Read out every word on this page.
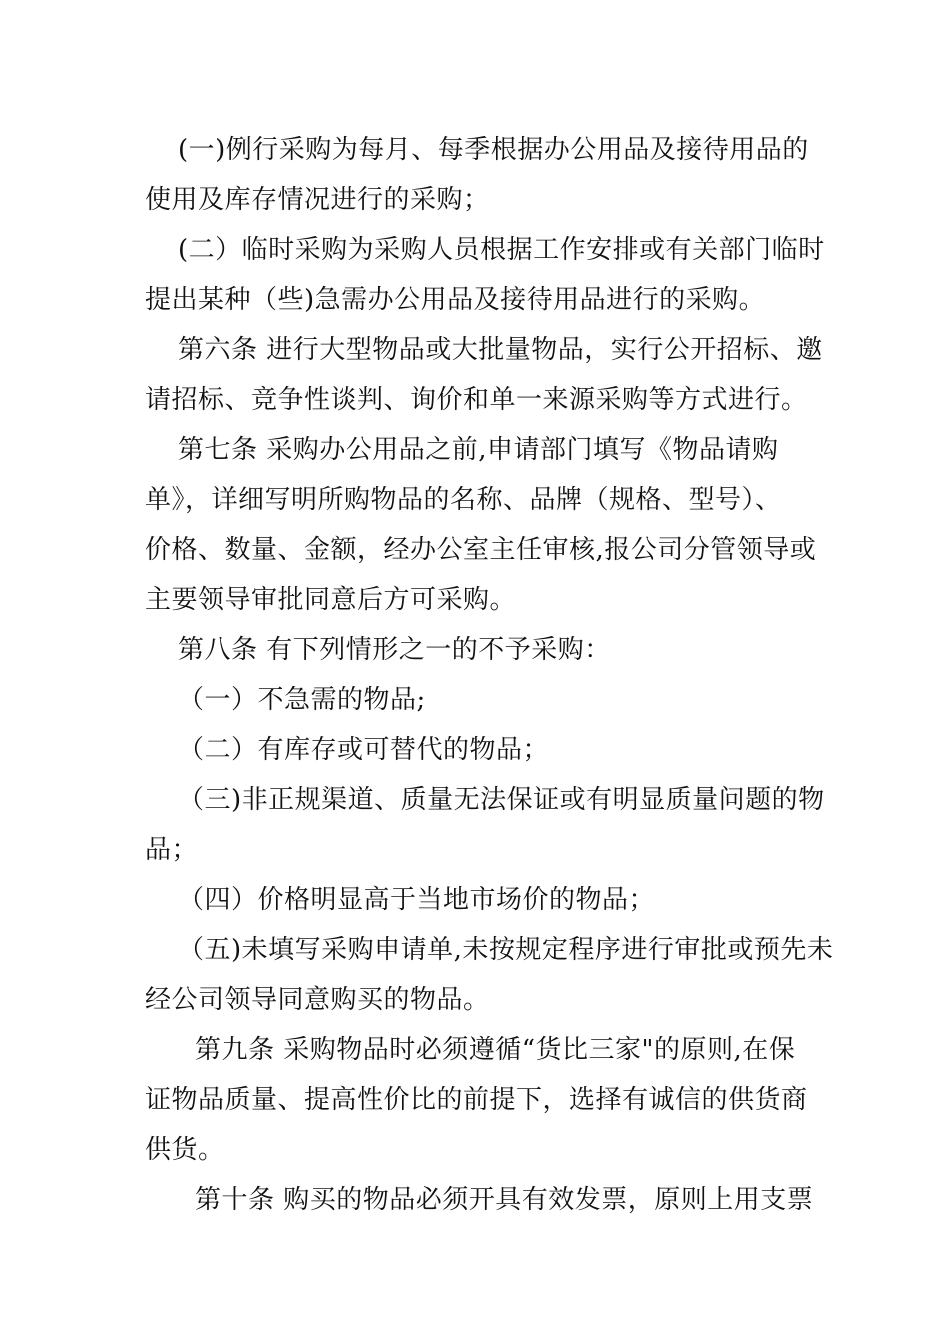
(一)例行采购为每月、每季根据办公用品及接待用品的
使用及库存情况进行的采购；
(二）临时采购为采购人员根据工作安排或有关部门临时
提出某种（些)急需办公用品及接待用品进行的采购。
第六条 进行大型物品或大批量物品，实行公开招标、邀
请招标、竞争性谈判、询价和单一来源采购等方式进行。
第七条 采购办公用品之前,申请部门填写《物品请购
单》，详细写明所购物品的名称、品牌（规格、型号）、
价格、数量、金额，经办公室主任审核,报公司分管领导或
主要领导审批同意后方可采购。
第八条 有下列情形之一的不予采购：
（一）不急需的物品;
（二）有库存或可替代的物品；
（三)非正规渠道、质量无法保证或有明显质量问题的物
品；
（四）价格明显高于当地市场价的物品；
（五)未填写采购申请单,未按规定程序进行审批或预先未
经公司领导同意购买的物品。
第九条 采购物品时必须遵循“货比三家"的原则,在保
证物品质量、提高性价比的前提下，选择有诚信的供货商
供货。
第十条 购买的物品必须开具有效发票，原则上用支票
